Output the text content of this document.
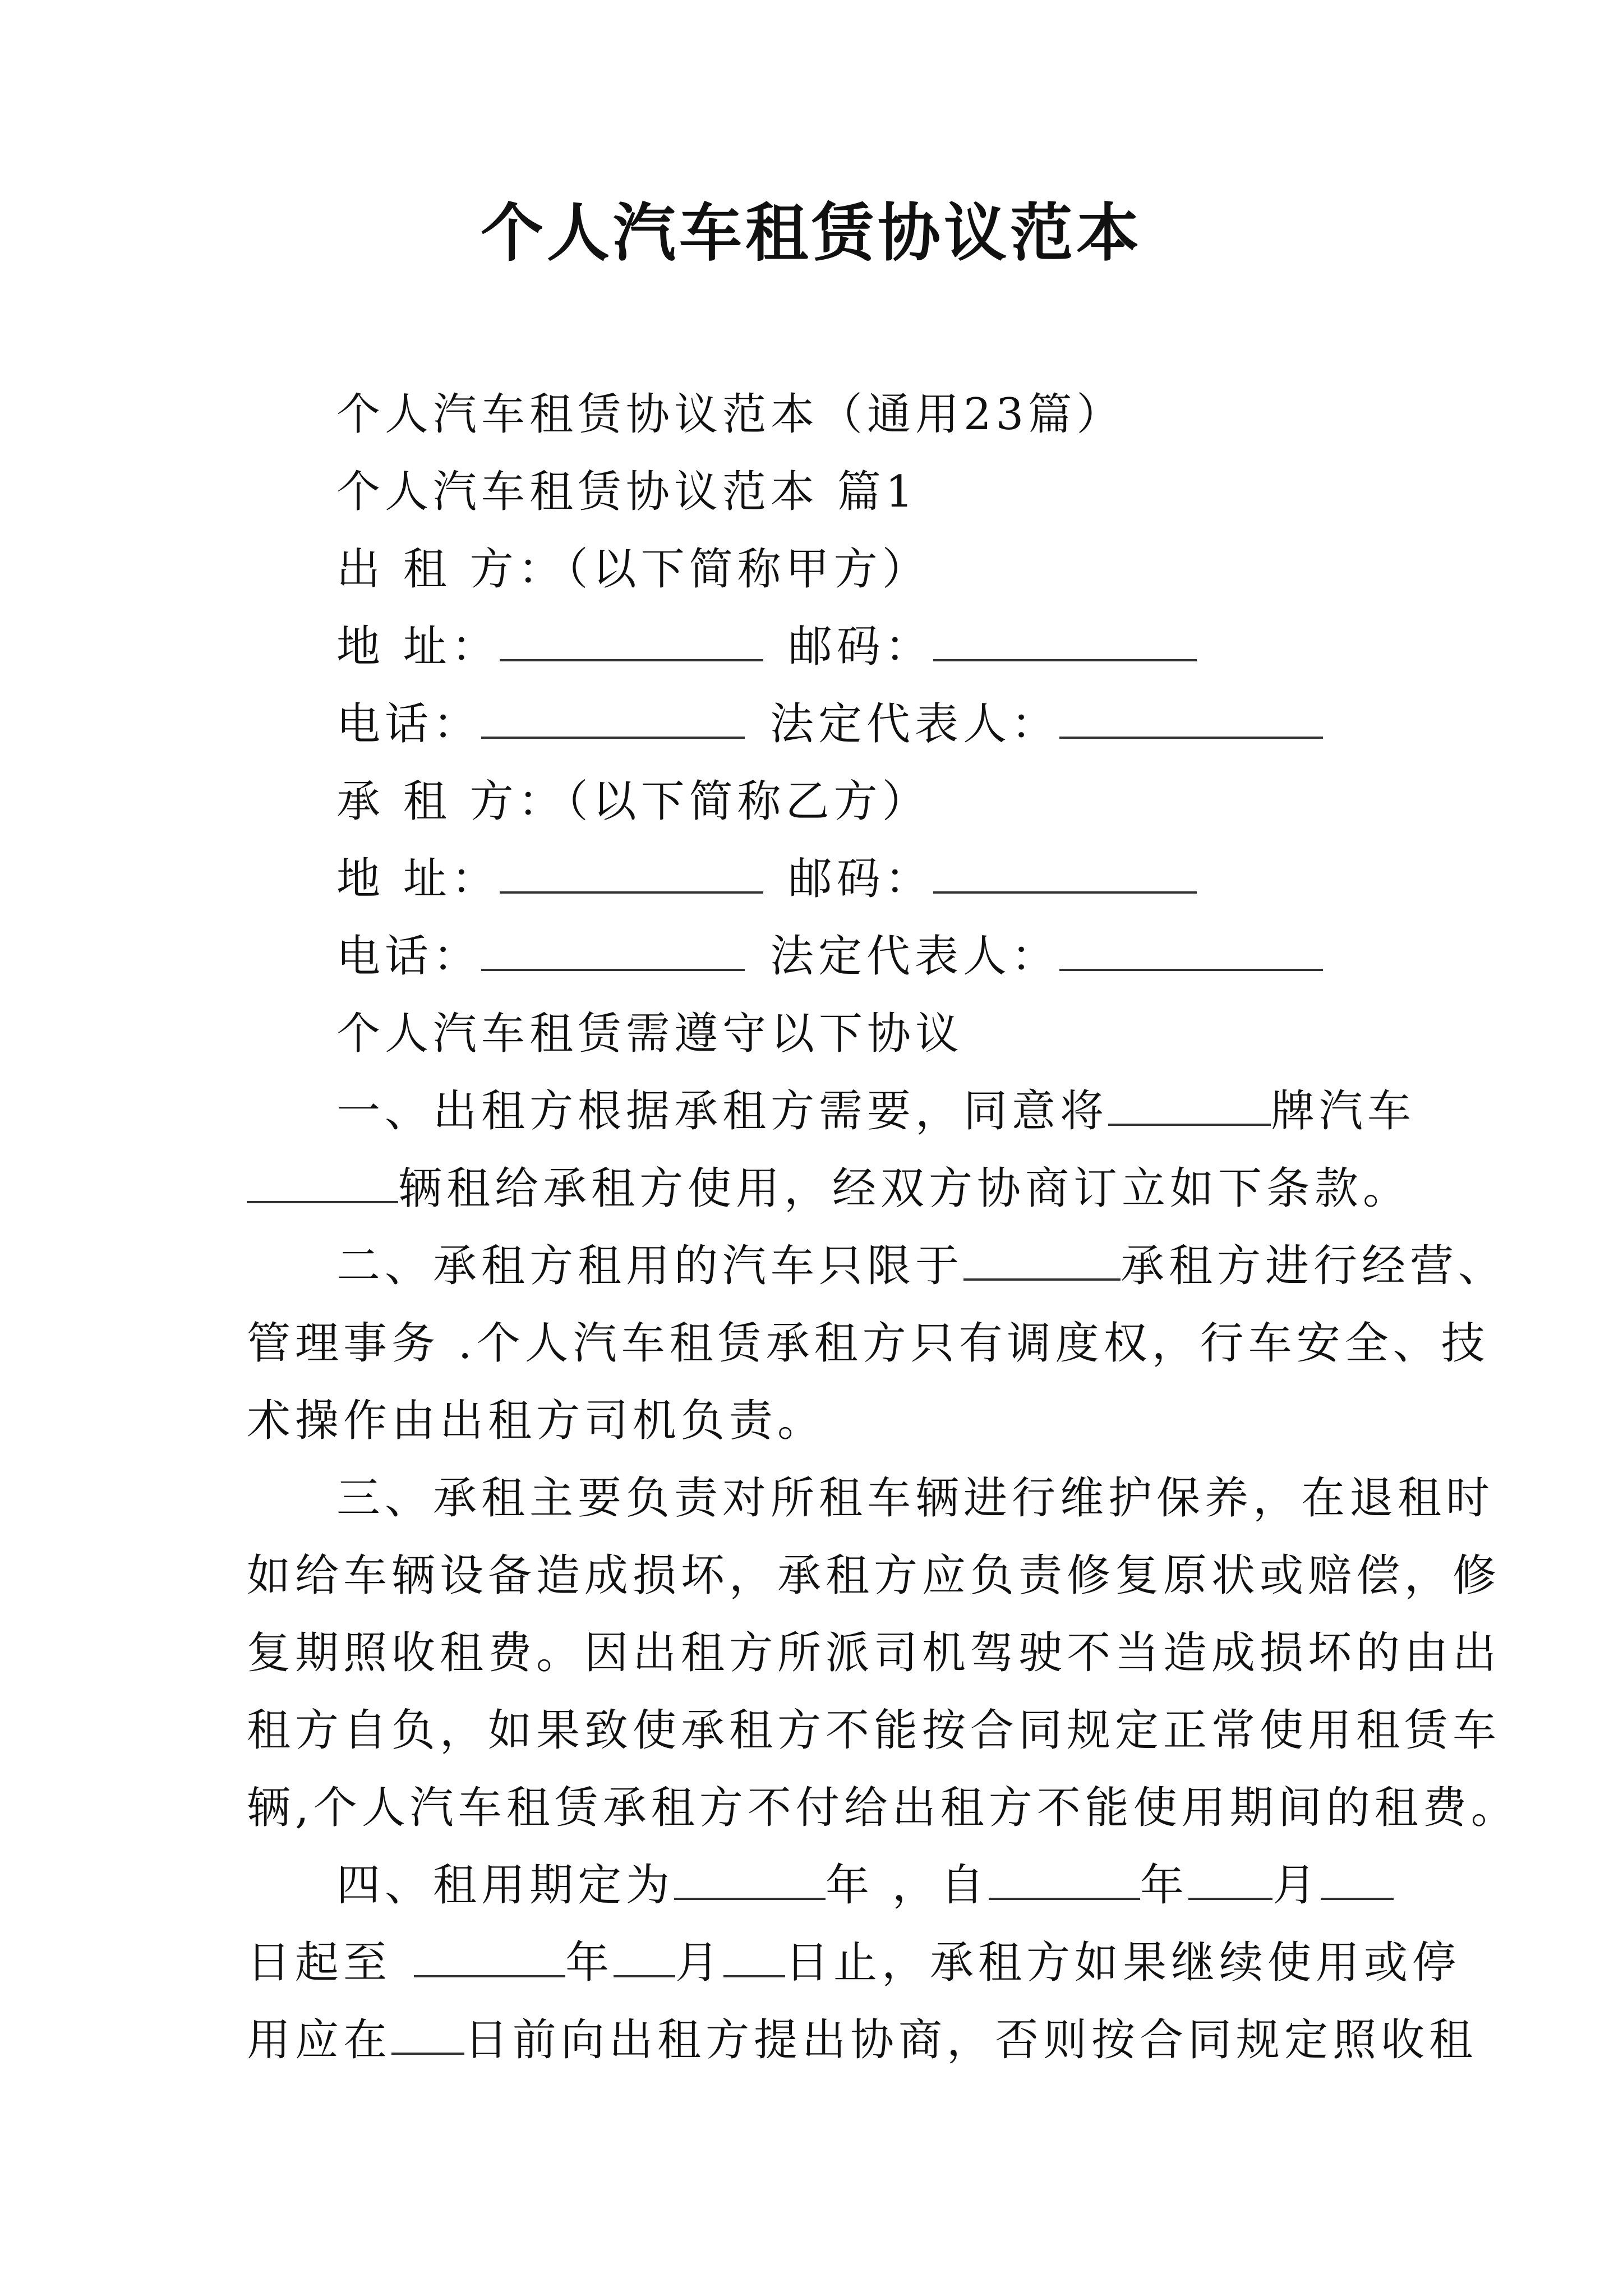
个人汽车租赁协议范本
个人汽车租赁协议范本（通用23篇）
个人汽车租赁协议范本 篇1
出 租 方：（以下简称甲方）
地 址：	邮码：
电话：	法定代表人：
承 租 方：（以下简称乙方）
地 址：	邮码：
电话：	法定代表人：
个人汽车租赁需遵守以下协议
一、出租方根据承租方需要，同意将	牌汽车
辆租给承租方使用，经双方协商订立如下条款。
二、承租方租用的汽车只限于	承租方进行经营、
管理事务 .个人汽车租赁承租方只有调度权，行车安全、技
术操作由出租方司机负责。
三、承租主要负责对所租车辆进行维护保养，在退租时
如给车辆设备造成损坏，承租方应负责修复原状或赔偿，修
复期照收租费。因出租方所派司机驾驶不当造成损坏的由出
租方自负，如果致使承租方不能按合同规定正常使用租赁车
辆,个人汽车租赁承租方不付给出租方不能使用期间的租费。
四、租用期定为	年 ，自	年 月
日起至	年 月 日止，承租方如果继续使用或停
用应在 日前向出租方提出协商，否则按合同规定照收租
